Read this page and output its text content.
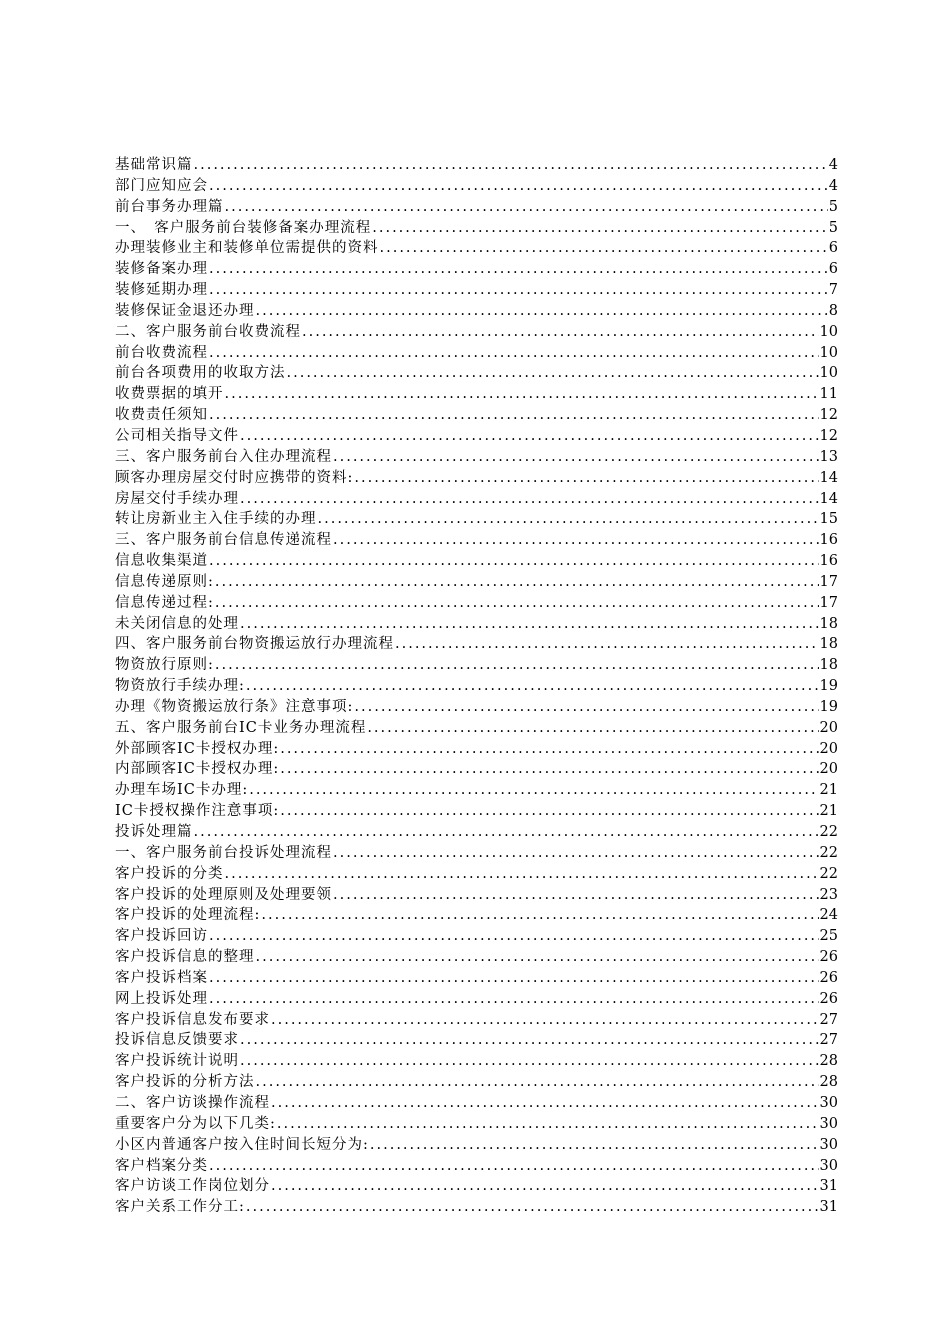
基础常识篇 .....	4
部门应知应会 .....	4
前台事务办理篇 .....	5
一、　客户服务前台装修备案办理流程 .....	5
办理装修业主和装修单位需提供的资料 .....	6
装修备案办理 .....	6
装修延期办理 .....	7
装修保证金退还办理 .....	8
二、客户服务前台收费流程 .....	10
前台收费流程 .....	10
前台各项费用的收取方法 .....	10
收费票据的填开 .....	11
收费责任须知 .....	12
公司相关指导文件 .....	12
三、客户服务前台入住办理流程 .....	13
顾客办理房屋交付时应携带的资料: .....	14
房屋交付手续办理 .....	14
转让房新业主入住手续的办理 .....	15
三、客户服务前台信息传递流程 .....	16
信息收集渠道 .....	16
信息传递原则: .....	17
信息传递过程: .....	17
未关闭信息的处理 .....	18
四、客户服务前台物资搬运放行办理流程 .....	18
物资放行原则: .....	18
物资放行手续办理: .....	19
办理《物资搬运放行条》注意事项: .....	19
五、客户服务前台IC卡业务办理流程 .....	20
外部顾客IC卡授权办理: .....	20
内部顾客IC卡授权办理: .....	20
办理车场IC卡办理: .....	21
IC卡授权操作注意事项: .....	21
投诉处理篇 .....	22
一、客户服务前台投诉处理流程 .....	22
客户投诉的分类 .....	22
客户投诉的处理原则及处理要领 .....	23
客户投诉的处理流程: .....	24
客户投诉回访 .....	25
客户投诉信息的整理 .....	26
客户投诉档案 .....	26
网上投诉处理 .....	26
客户投诉信息发布要求 .....	27
投诉信息反馈要求 .....	27
客户投诉统计说明 .....	28
客户投诉的分析方法 .....	28
二、客户访谈操作流程 .....	30
重要客户分为以下几类: .....	30
小区内普通客户按入住时间长短分为: .....	30
客户档案分类 .....	30
客户访谈工作岗位划分 .....	31
客户关系工作分工: .....	31
